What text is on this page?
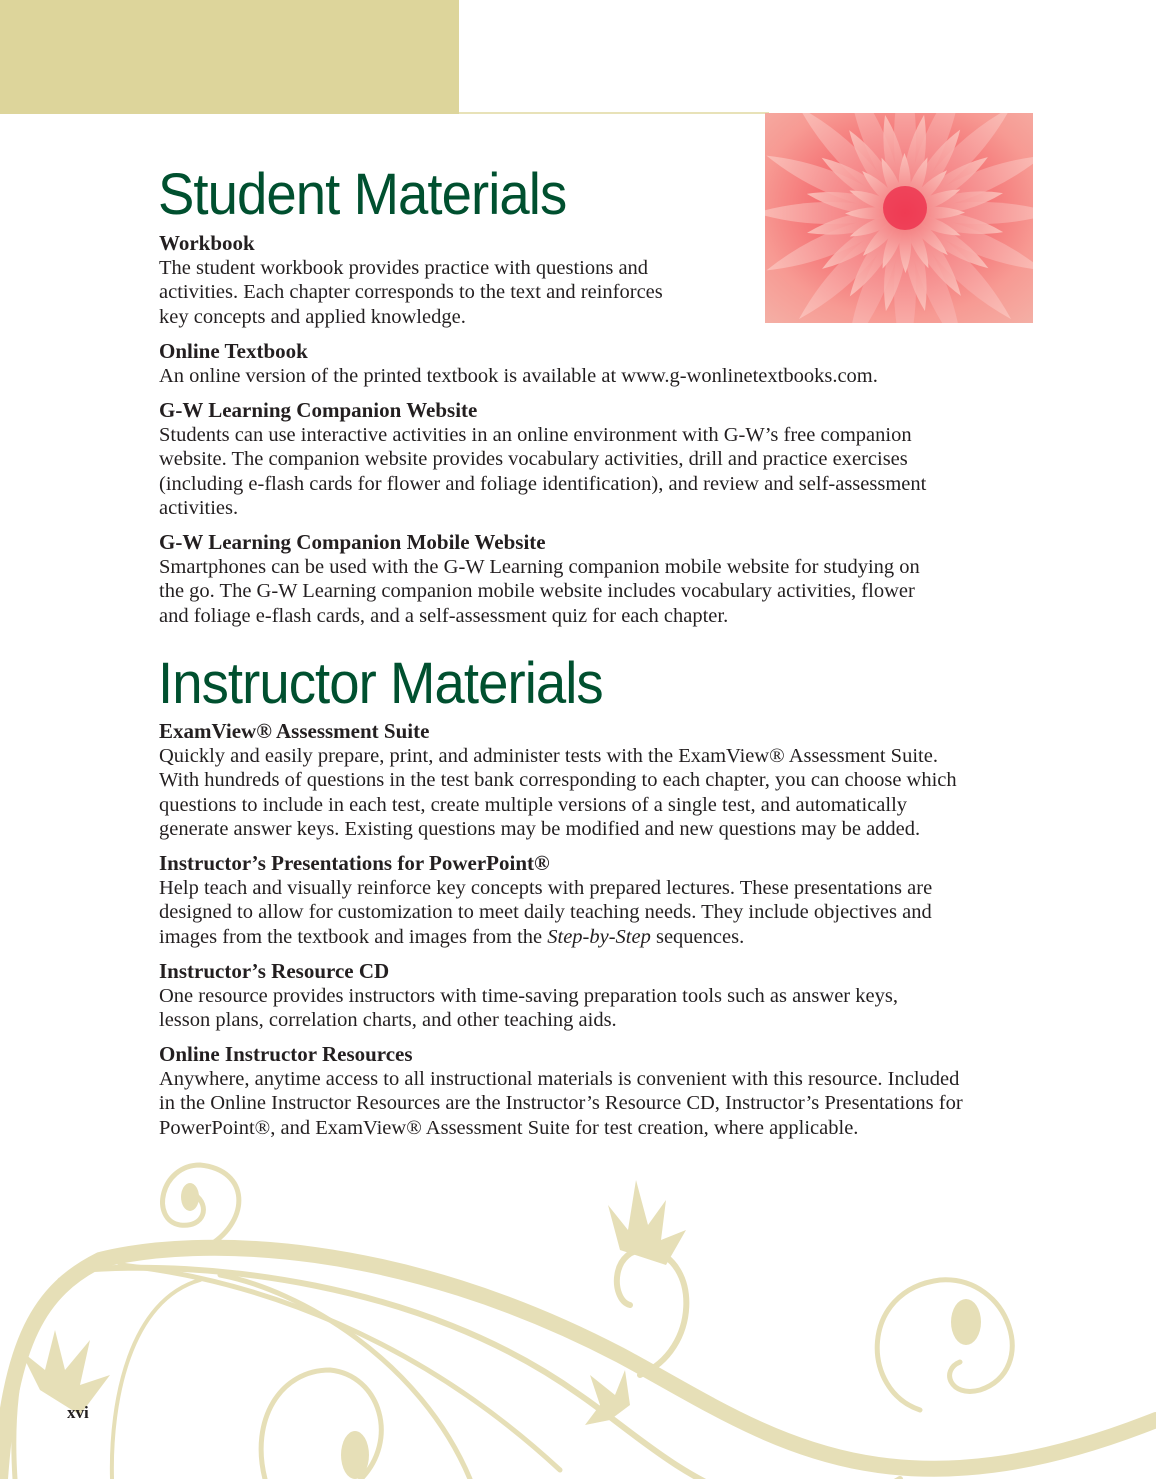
Student Materials
Instructor Materials
Workbook
The student workbook provides practice with questions and
activities. Each chapter corresponds to the text and reinforces
key concepts and applied knowledge.
Online Textbook
An online version of the printed textbook is available at www.g-wonlinetextbooks.com.
G-W Learning Companion Website
Students can use interactive activities in an online environment with G-W’s free companion
website. The companion website provides vocabulary activities, drill and practice exercises
(including e-flash cards for flower and foliage identification), and review and self-assessment
activities.
G-W Learning Companion Mobile Website
Smartphones can be used with the G-W Learning companion mobile website for studying on
the go. The G-W Learning companion mobile website includes vocabulary activities, flower
and foliage e-flash cards, and a self-assessment quiz for each chapter.
ExamView® Assessment Suite
Quickly and easily prepare, print, and administer tests with the ExamView® Assessment Suite.
With hundreds of questions in the test bank corresponding to each chapter, you can choose which
questions to include in each test, create multiple versions of a single test, and automatically
generate answer keys. Existing questions may be modified and new questions may be added.
Instructor’s Presentations for PowerPoint®
Help teach and visually reinforce key concepts with prepared lectures. These presentations are
designed to allow for customization to meet daily teaching needs. They include objectives and
images from the textbook and images from the Step-by-Step sequences.
Instructor’s Resource CD
One resource provides instructors with time-saving preparation tools such as answer keys,
lesson plans, correlation charts, and other teaching aids.
Online Instructor Resources
Anywhere, anytime access to all instructional materials is convenient with this resource. Included
in the Online Instructor Resources are the Instructor’s Resource CD, Instructor’s Presentations for
PowerPoint®, and ExamView® Assessment Suite for test creation, where applicable.
xvi
